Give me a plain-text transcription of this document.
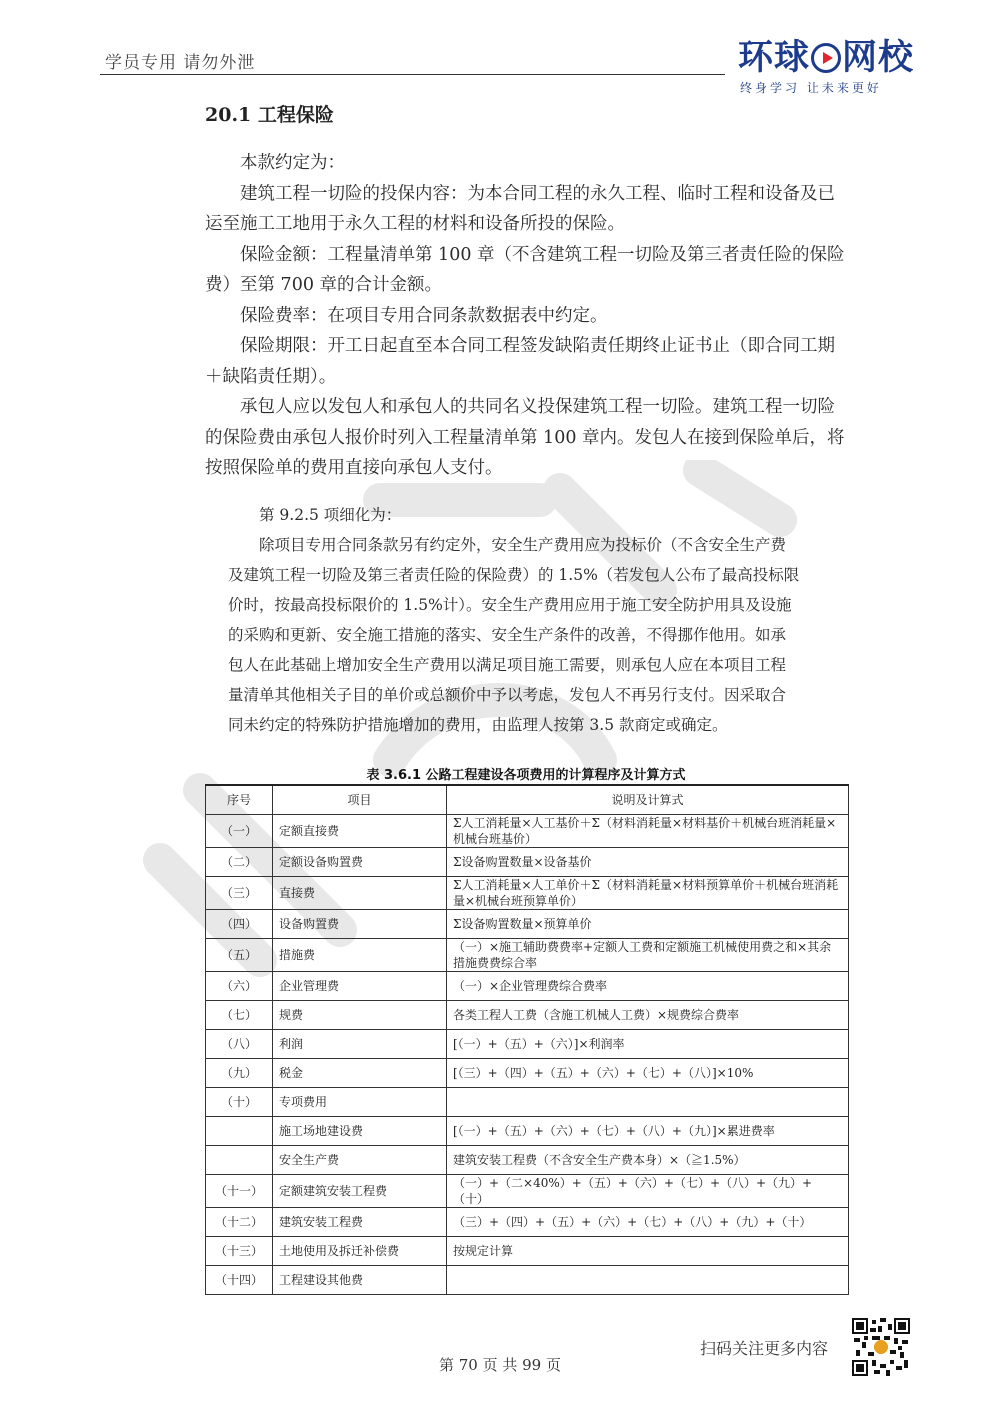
学员专用 请勿外泄	环球 网校
终身学习 让未来更好
20.1 工程保险
本款约定为：
建筑工程一切险的投保内容：为本合同工程的永久工程、临时工程和设备及已
运至施工工地用于永久工程的材料和设备所投的保险。
保险金额：工程量清单第 100 章（不含建筑工程一切险及第三者责任险的保险
费）至第 700 章的合计金额。
保险费率：在项目专用合同条款数据表中约定。
保险期限：开工日起直至本合同工程签发缺陷责任期终止证书止（即合同工期
＋缺陷责任期）。
承包人应以发包人和承包人的共同名义投保建筑工程一切险。建筑工程一切险
的保险费由承包人报价时列入工程量清单第 100 章内。发包人在接到保险单后，将
按照保险单的费用直接向承包人支付。
第 9.2.5 项细化为：
除项目专用合同条款另有约定外，安全生产费用应为投标价（不含安全生产费
及建筑工程一切险及第三者责任险的保险费）的 1.5%（若发包人公布了最高投标限
价时，按最高投标限价的 1.5%计）。安全生产费用应用于施工安全防护用具及设施
的采购和更新、安全施工措施的落实、安全生产条件的改善，不得挪作他用。如承
包人在此基础上增加安全生产费用以满足项目施工需要，则承包人应在本项目工程
量清单其他相关子目的单价或总额价中予以考虑，发包人不再另行支付。因采取合
同未约定的特殊防护措施增加的费用，由监理人按第 3.5 款商定或确定。
表 3.6.1 公路工程建设各项费用的计算程序及计算方式
序号	项目	说明及计算式
（一）	定额直接费	Σ人工消耗量×人工基价＋Σ（材料消耗量×材料基价＋机械台班消耗量×机械台班基价）
（二）	定额设备购置费	Σ设备购置数量×设备基价
（三）	直接费	Σ人工消耗量×人工单价＋Σ（材料消耗量×材料预算单价＋机械台班消耗量×机械台班预算单价）
（四）	设备购置费	Σ设备购置数量×预算单价
（五）	措施费	（一）×施工辅助费费率+定额人工费和定额施工机械使用费之和×其余措施费费综合率
（六）	企业管理费	（一）×企业管理费综合费率
（七）	规费	各类工程人工费（含施工机械人工费）×规费综合费率
（八）	利润	[（一）+（五）+（六）]×利润率
（九）	税金	[（三）+（四）+（五）+（六）+（七）+（八）]×10%
（十）	专项费用	
	施工场地建设费	[（一）+（五）+（六）+（七）+（八）+（九）]×累进费率
	安全生产费	建筑安装工程费（不含安全生产费本身）×（≧1.5%）
（十一）	定额建筑安装工程费	（一）+（二×40%）+（五）+（六）+（七）+（八）+（九）+（十）
（十二）	建筑安装工程费	（三）+（四）+（五）+（六）+（七）+（八）+（九）+（十）
（十三）	土地使用及拆迁补偿费	按规定计算
（十四）	工程建设其他费	
扫码关注更多内容
第 70 页 共 99 页
